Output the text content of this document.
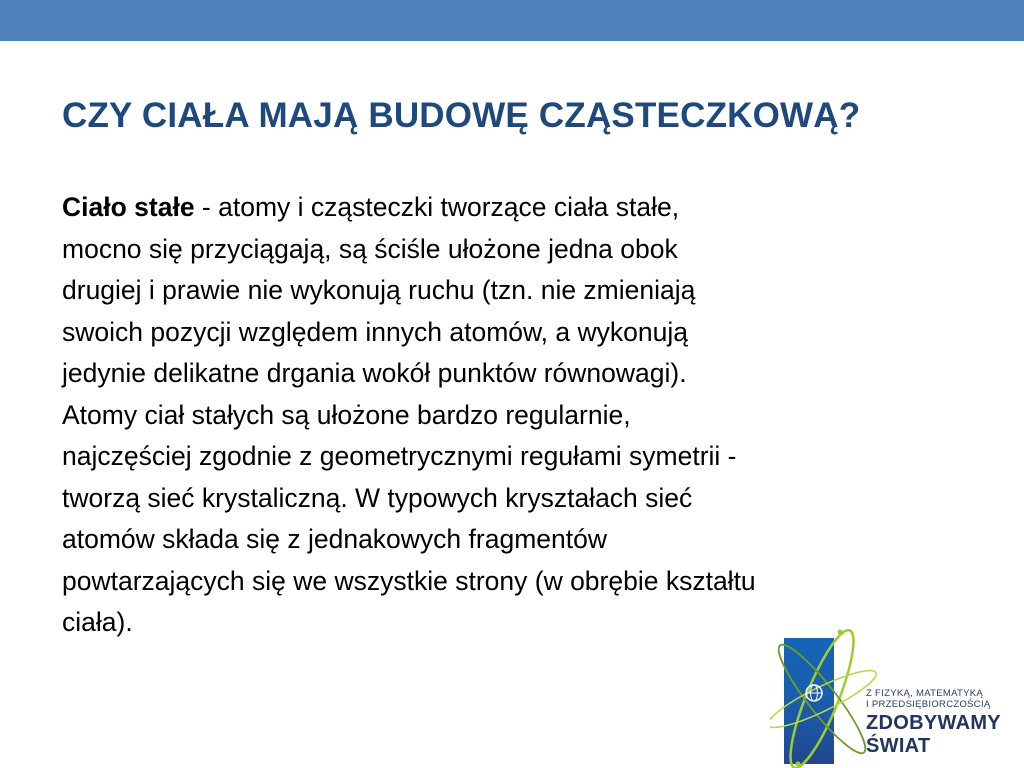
CZY CIAŁA MAJĄ BUDOWĘ CZĄSTECZKOWĄ?
Ciało stałe - atomy i cząsteczki tworzące ciała stałe,
mocno się przyciągają, są ściśle ułożone jedna obok
drugiej i prawie nie wykonują ruchu (tzn. nie zmieniają
swoich pozycji względem innych atomów, a wykonują
jedynie delikatne drgania wokół punktów równowagi).
Atomy ciał stałych są ułożone bardzo regularnie,
najczęściej zgodnie z geometrycznymi regułami symetrii -
tworzą sieć krystaliczną. W typowych kryształach sieć
atomów składa się z jednakowych fragmentów
powtarzających się we wszystkie strony (w obrębie kształtu
ciała).
Z FIZYKĄ, MATEMATYKĄ
I PRZEDSIĘBIORCZOŚCIĄ
ZDOBYWAMY
ŚWIAT
